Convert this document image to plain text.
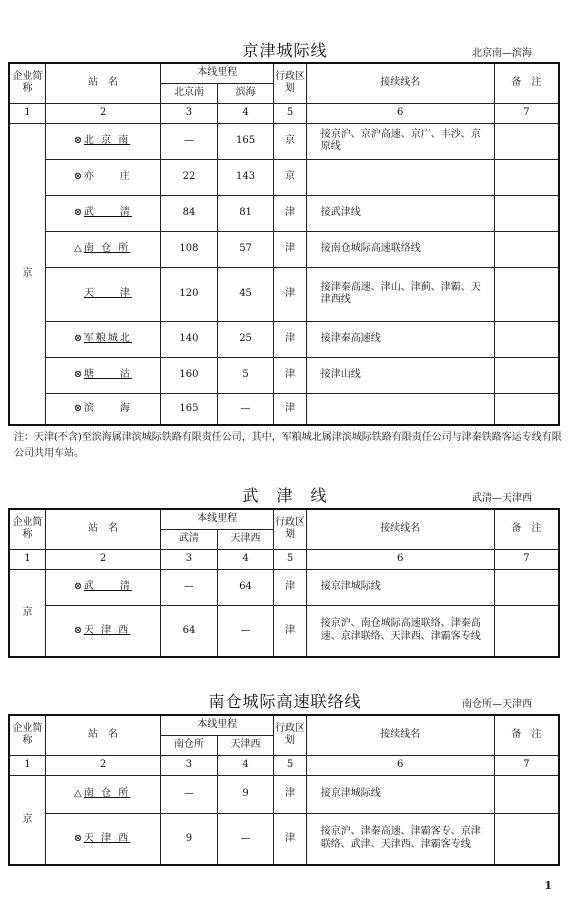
京津城际线	北京南—滨海
企业简称	站　名	本线里程		行政区划	接续线名	备　注
		北京南	滨海			
1	2	3	4	5	6	7
京	⊗ 北 京 南	—	165	京	接京沪、京沪高速、京广、丰沙、京原线	
	⊗ 亦　　庄	22	143	京		
	⊗ 武　　清	84	81	津	接武津线	
	△ 南 仓 所	108	57	津	接南仓城际高速联络线	
	天　　津	120	45	津	接津秦高速、津山、津蓟、津霸、天津西线	
	⊗ 军粮城北	140	25	津	接津秦高速线	
	⊗ 塘　　沽	160	5	津	接津山线	
	⊗ 滨　　海	165	—	津		
注：天津(不含)至滨海属津滨城际铁路有限责任公司，其中，军粮城北属津滨城际铁路有限责任公司与津秦铁路客运专线有限公司共用车站。
武　津　线	武清—天津西
企业简称	站　名	本线里程		行政区划	接续线名	备　注
		武清	天津西			
1	2	3	4	5	6	7
京	⊗ 武　　清	—	64	津	接京津城际线	
	⊗ 天 津 西	64	—	津	接京沪、南仓城际高速联络、津秦高速、京津联络、天津西、津霸客专线	
南仓城际高速联络线	南仓所—天津西
企业简称	站　名	本线里程		行政区划	接续线名	备　注
		南仓所	天津西			
1	2	3	4	5	6	7
京	△ 南 仓 所	—	9	津	接京津城际线	
	⊗ 天 津 西	9	—	津	接京沪、津秦高速、津霸客专、京津联络、武津、天津西、津霸客专线	
1
